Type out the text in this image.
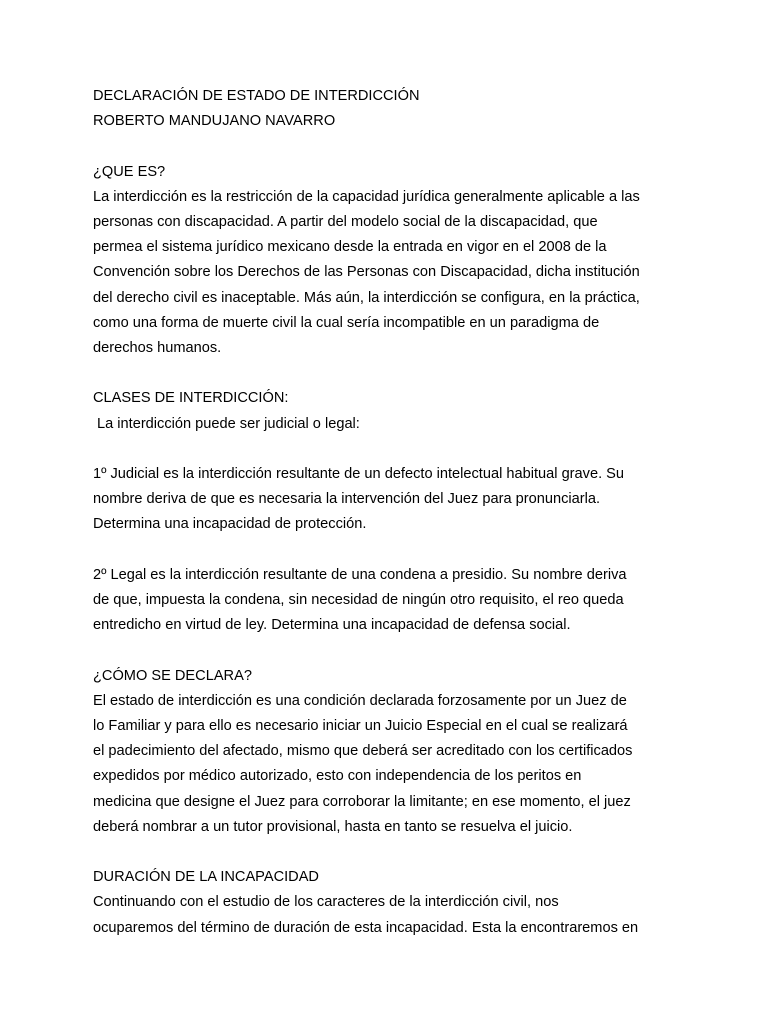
DECLARACIÓN DE ESTADO DE INTERDICCIÓN
ROBERTO MANDUJANO NAVARRO
¿QUE ES?
La interdicción es la restricción de la capacidad jurídica generalmente aplicable a las
personas con discapacidad. A partir del modelo social de la discapacidad, que
permea el sistema jurídico mexicano desde la entrada en vigor en el 2008 de la
Convención sobre los Derechos de las Personas con Discapacidad, dicha institución
del derecho civil es inaceptable. Más aún, la interdicción se configura, en la práctica,
como una forma de muerte civil la cual sería incompatible en un paradigma de
derechos humanos.
CLASES DE INTERDICCIÓN:
La interdicción puede ser judicial o legal:
1º Judicial es la interdicción resultante de un defecto intelectual habitual grave. Su
nombre deriva de que es necesaria la intervención del Juez para pronunciarla.
Determina una incapacidad de protección.
2º Legal es la interdicción resultante de una condena a presidio. Su nombre deriva
de que, impuesta la condena, sin necesidad de ningún otro requisito, el reo queda
entredicho en virtud de ley. Determina una incapacidad de defensa social.
¿CÓMO SE DECLARA?
El estado de interdicción es una condición declarada forzosamente por un Juez de
lo Familiar y para ello es necesario iniciar un Juicio Especial en el cual se realizará
el padecimiento del afectado, mismo que deberá ser acreditado con los certificados
expedidos por médico autorizado, esto con independencia de los peritos en
medicina que designe el Juez para corroborar la limitante; en ese momento, el juez
deberá nombrar a un tutor provisional, hasta en tanto se resuelva el juicio.
DURACIÓN DE LA INCAPACIDAD
Continuando con el estudio de los caracteres de la interdicción civil, nos
ocuparemos del término de duración de esta incapacidad. Esta la encontraremos en
